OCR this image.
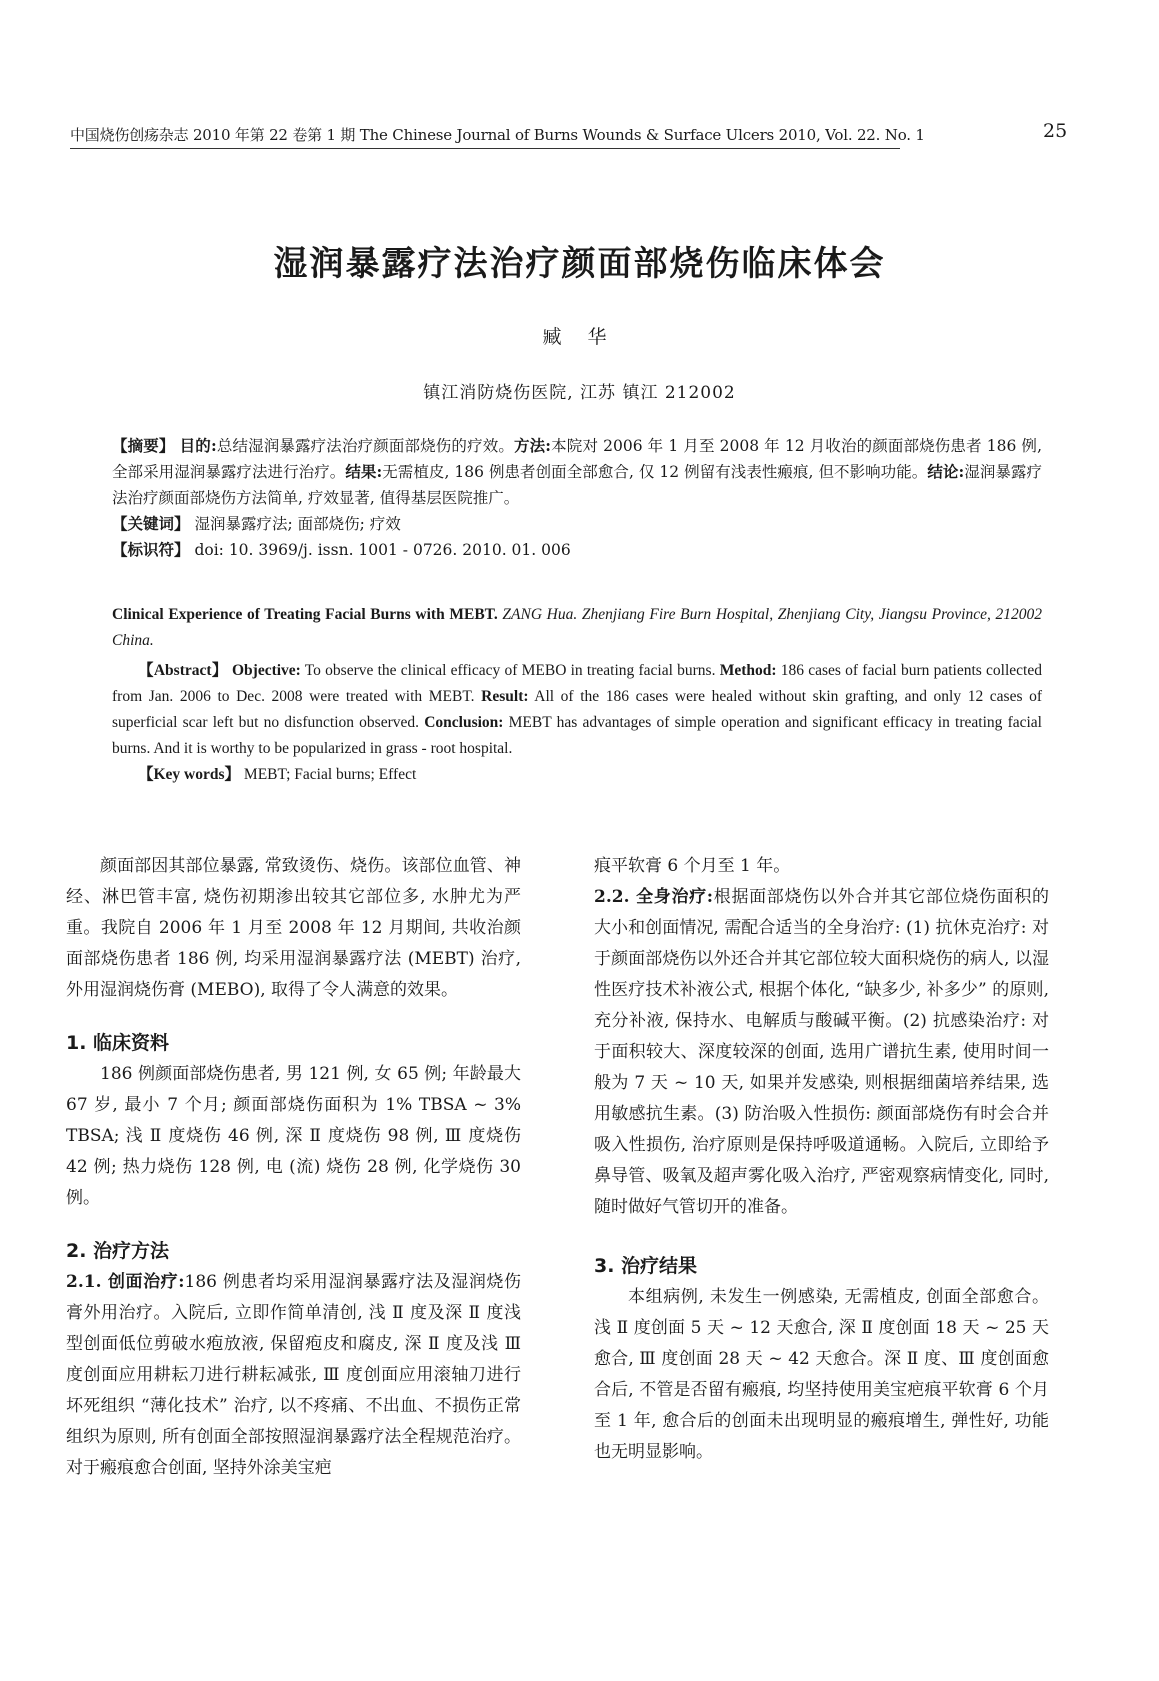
中国烧伤创疡杂志 2010 年第 22 卷第 1 期 The Chinese Journal of Burns Wounds & Surface Ulcers 2010, Vol. 22. No. 1	25
湿润暴露疗法治疗颜面部烧伤临床体会
臧 华
镇江消防烧伤医院, 江苏 镇江 212002

【摘要】 目的:总结湿润暴露疗法治疗颜面部烧伤的疗效。方法:本院对 2006 年 1 月至 2008 年 12 月收治的颜面部烧伤患者 186 例, 全部采用湿润暴露疗法进行治疗。结果:无需植皮, 186 例患者创面全部愈合, 仅 12 例留有浅表性瘢痕, 但不影响功能。结论:湿润暴露疗法治疗颜面部烧伤方法简单, 疗效显著, 值得基层医院推广。

【关键词】 湿润暴露疗法; 面部烧伤; 疗效

【标识符】 doi: 10. 3969/j. issn. 1001 - 0726. 2010. 01. 006

Clinical Experience of Treating Facial Burns with MEBT. ZANG Hua. Zhenjiang Fire Burn Hospital, Zhenjiang City, Jiangsu Province, 212002 China.

【Abstract】 Objective: To observe the clinical efficacy of MEBO in treating facial burns. Method: 186 cases of facial burn patients collected from Jan. 2006 to Dec. 2008 were treated with MEBT. Result: All of the 186 cases were healed without skin grafting, and only 12 cases of superficial scar left but no disfunction observed. Conclusion: MEBT has advantages of simple operation and significant efficacy in treating facial burns. And it is worthy to be popularized in grass - root hospital.

【Key words】 MEBT; Facial burns; Effect

颜面部因其部位暴露, 常致烫伤、烧伤。该部位血管、神经、淋巴管丰富, 烧伤初期渗出较其它部位多, 水肿尤为严重。我院自 2006 年 1 月至 2008 年 12 月期间, 共收治颜面部烧伤患者 186 例, 均采用湿润暴露疗法 (MEBT) 治疗, 外用湿润烧伤膏 (MEBO), 取得了令人满意的效果。

1. 临床资料

186 例颜面部烧伤患者, 男 121 例, 女 65 例; 年龄最大 67 岁, 最小 7 个月; 颜面部烧伤面积为 1% TBSA ~ 3% TBSA; 浅 Ⅱ 度烧伤 46 例, 深 Ⅱ 度烧伤 98 例, Ⅲ 度烧伤 42 例; 热力烧伤 128 例, 电 (流) 烧伤 28 例, 化学烧伤 30 例。

2. 治疗方法

2.1. 创面治疗:186 例患者均采用湿润暴露疗法及湿润烧伤膏外用治疗。入院后, 立即作简单清创, 浅 Ⅱ 度及深 Ⅱ 度浅型创面低位剪破水疱放液, 保留疱皮和腐皮, 深 Ⅱ 度及浅 Ⅲ 度创面应用耕耘刀进行耕耘减张, Ⅲ 度创面应用滚轴刀进行坏死组织 “薄化技术” 治疗, 以不疼痛、不出血、不损伤正常组织为原则, 所有创面全部按照湿润暴露疗法全程规范治疗。对于瘢痕愈合创面, 坚持外涂美宝疤

痕平软膏 6 个月至 1 年。

2.2. 全身治疗:根据面部烧伤以外合并其它部位烧伤面积的大小和创面情况, 需配合适当的全身治疗: (1) 抗休克治疗: 对于颜面部烧伤以外还合并其它部位较大面积烧伤的病人, 以湿性医疗技术补液公式, 根据个体化, “缺多少, 补多少” 的原则, 充分补液, 保持水、电解质与酸碱平衡。(2) 抗感染治疗: 对于面积较大、深度较深的创面, 选用广谱抗生素, 使用时间一般为 7 天 ~ 10 天, 如果并发感染, 则根据细菌培养结果, 选用敏感抗生素。(3) 防治吸入性损伤: 颜面部烧伤有时会合并吸入性损伤, 治疗原则是保持呼吸道通畅。入院后, 立即给予鼻导管、吸氧及超声雾化吸入治疗, 严密观察病情变化, 同时, 随时做好气管切开的准备。

3. 治疗结果

本组病例, 未发生一例感染, 无需植皮, 创面全部愈合。浅 Ⅱ 度创面 5 天 ~ 12 天愈合, 深 Ⅱ 度创面 18 天 ~ 25 天愈合, Ⅲ 度创面 28 天 ~ 42 天愈合。深 Ⅱ 度、Ⅲ 度创面愈合后, 不管是否留有瘢痕, 均坚持使用美宝疤痕平软膏 6 个月至 1 年, 愈合后的创面未出现明显的瘢痕增生, 弹性好, 功能也无明显影响。
